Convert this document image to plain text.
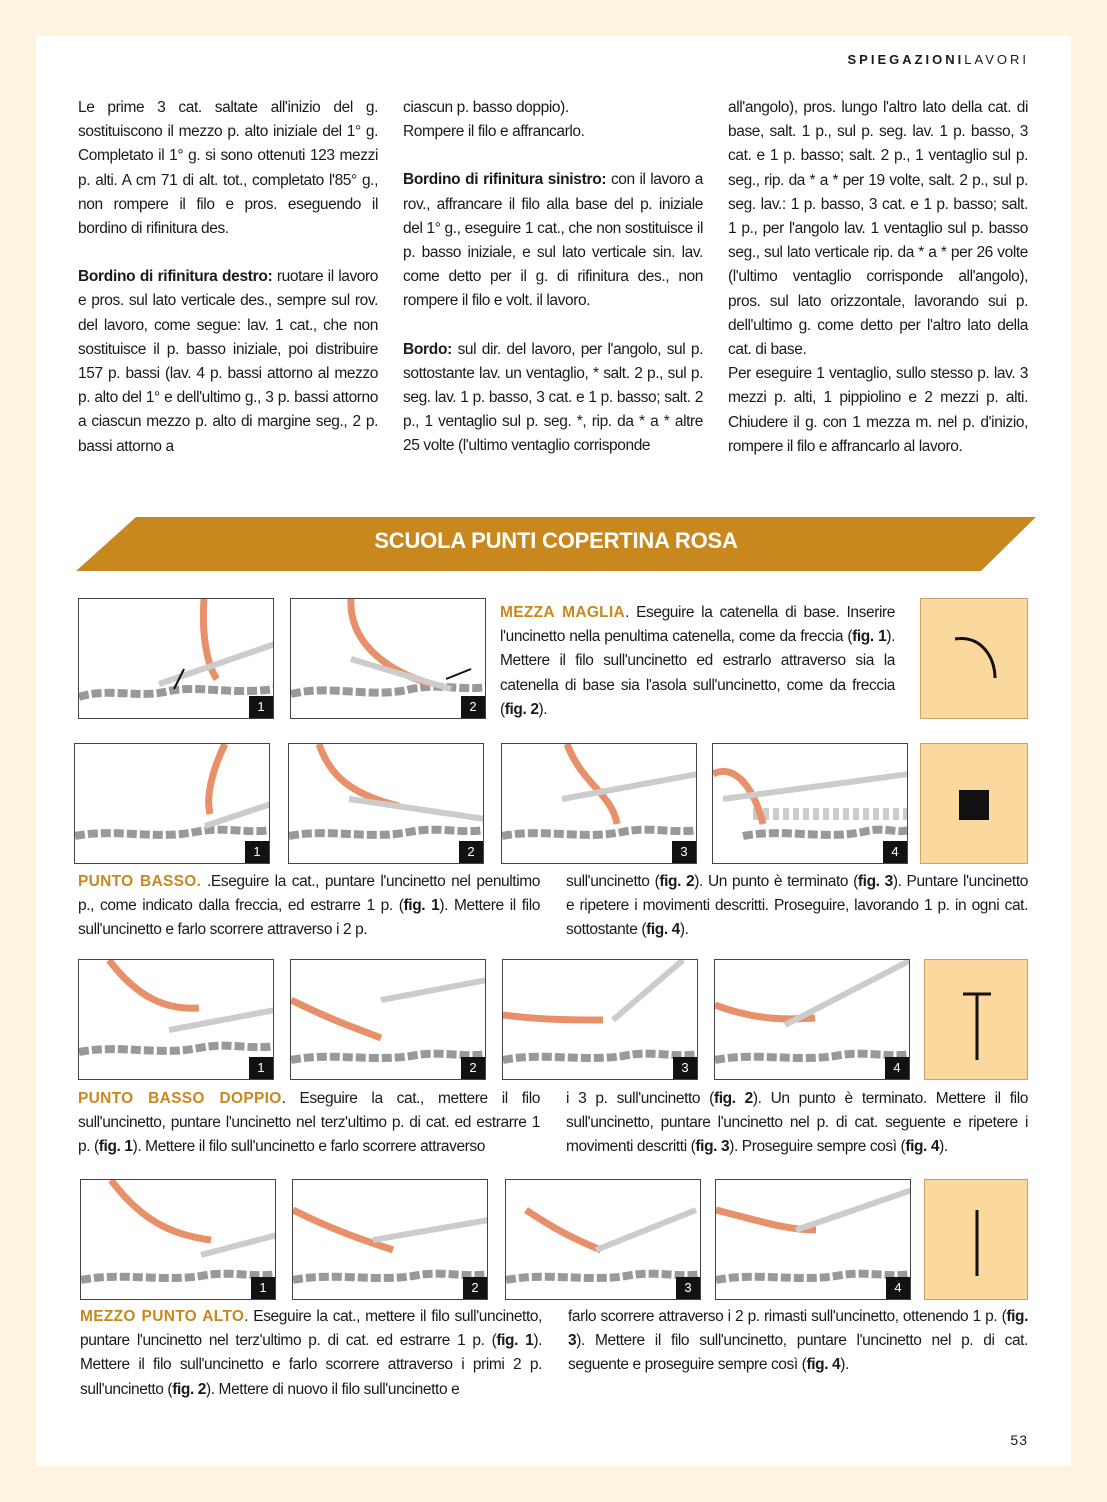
SPIEGAZIONILAVORI

Le prime 3 cat. saltate all'inizio del g. sostituiscono il mezzo p. alto iniziale del 1° g. Completato il 1° g. si sono ottenuti 123 mezzi p. alti. A cm 71 di alt. tot., completato l'85° g., non rompere il filo e pros. eseguendo il bordino di rifinitura des.

Bordino di rifinitura destro: ruotare il lavoro e pros. sul lato verticale des., sempre sul rov. del lavoro, come segue: lav. 1 cat., che non sostituisce il p. basso iniziale, poi distribuire 157 p. bassi (lav. 4 p. bassi attorno al mezzo p. alto del 1° e dell'ultimo g., 3 p. bassi attorno a ciascun mezzo p. alto di margine seg., 2 p. bassi attorno a

ciascun p. basso doppio).
Rompere il filo e affrancarlo.

Bordino di rifinitura sinistro: con il lavoro a rov., affrancare il filo alla base del p. iniziale del 1° g., eseguire 1 cat., che non sostituisce il p. basso iniziale, e sul lato verticale sin. lav. come detto per il g. di rifinitura des., non rompere il filo e volt. il lavoro.

Bordo: sul dir. del lavoro, per l'angolo, sul p. sottostante lav. un ventaglio, * salt. 2 p., sul p. seg. lav. 1 p. basso, 3 cat. e 1 p. basso; salt. 2 p., 1 ventaglio sul p. seg. *, rip. da * a * altre 25 volte (l'ultimo ventaglio corrisponde

all'angolo), pros. lungo l'altro lato della cat. di base, salt. 1 p., sul p. seg. lav. 1 p. basso, 3 cat. e 1 p. basso; salt. 2 p., 1 ventaglio sul p. seg., rip. da * a * per 19 volte, salt. 2 p., sul p. seg. lav.: 1 p. basso, 3 cat. e 1 p. basso; salt. 1 p., per l'angolo lav. 1 ventaglio sul p. basso seg., sul lato verticale rip. da * a * per 26 volte (l'ultimo ventaglio corrisponde all'angolo), pros. sul lato orizzontale, lavorando sui p. dell'ultimo g. come detto per l'altro lato della cat. di base.

Per eseguire 1 ventaglio, sullo stesso p. lav. 3 mezzi p. alti, 1 pippiolino e 2 mezzi p. alti. Chiudere il g. con 1 mezza m. nel p. d'inizio, rompere il filo e affrancarlo al lavoro.

SCUOLA PUNTI COPERTINA ROSA
1	2
MEZZA MAGLIA. Eseguire la catenella di base. Inserire l'uncinetto nella penultima catenella, come da freccia (fig. 1). Mettere il filo sull'uncinetto ed estrarlo attraverso sia la catenella di base sia l'asola sull'uncinetto, come da freccia (fig. 2).
1	2	3	4
PUNTO BASSO. .Eseguire la cat., puntare l'uncinetto nel penultimo p., come indicato dalla freccia, ed estrarre 1 p. (fig. 1). Mettere il filo sull'uncinetto e farlo scorrere attraverso i 2 p.
sull'uncinetto (fig. 2). Un punto è terminato (fig. 3). Puntare l'uncinetto e ripetere i movimenti descritti. Proseguire, lavorando 1 p. in ogni cat. sottostante (fig. 4).
1	2	3	4
PUNTO BASSO DOPPIO. Eseguire la cat., mettere il filo sull'uncinetto, puntare l'uncinetto nel terz'ultimo p. di cat. ed estrarre 1 p. (fig. 1). Mettere il filo sull'uncinetto e farlo scorrere attraverso
i 3 p. sull'uncinetto (fig. 2). Un punto è terminato. Mettere il filo sull'uncinetto, puntare l'uncinetto nel p. di cat. seguente e ripetere i movimenti descritti (fig. 3). Proseguire sempre così (fig. 4).
1	2	3	4
MEZZO PUNTO ALTO. Eseguire la cat., mettere il filo sull'uncinetto, puntare l'uncinetto nel terz'ultimo p. di cat. ed estrarre 1 p. (fig. 1). Mettere il filo sull'uncinetto e farlo scorrere attraverso i primi 2 p. sull'uncinetto (fig. 2). Mettere di nuovo il filo sull'uncinetto e
farlo scorrere attraverso i 2 p. rimasti sull'uncinetto, ottenendo 1 p. (fig. 3). Mettere il filo sull'uncinetto, puntare l'uncinetto nel p. di cat. seguente e proseguire sempre così (fig. 4).
53
